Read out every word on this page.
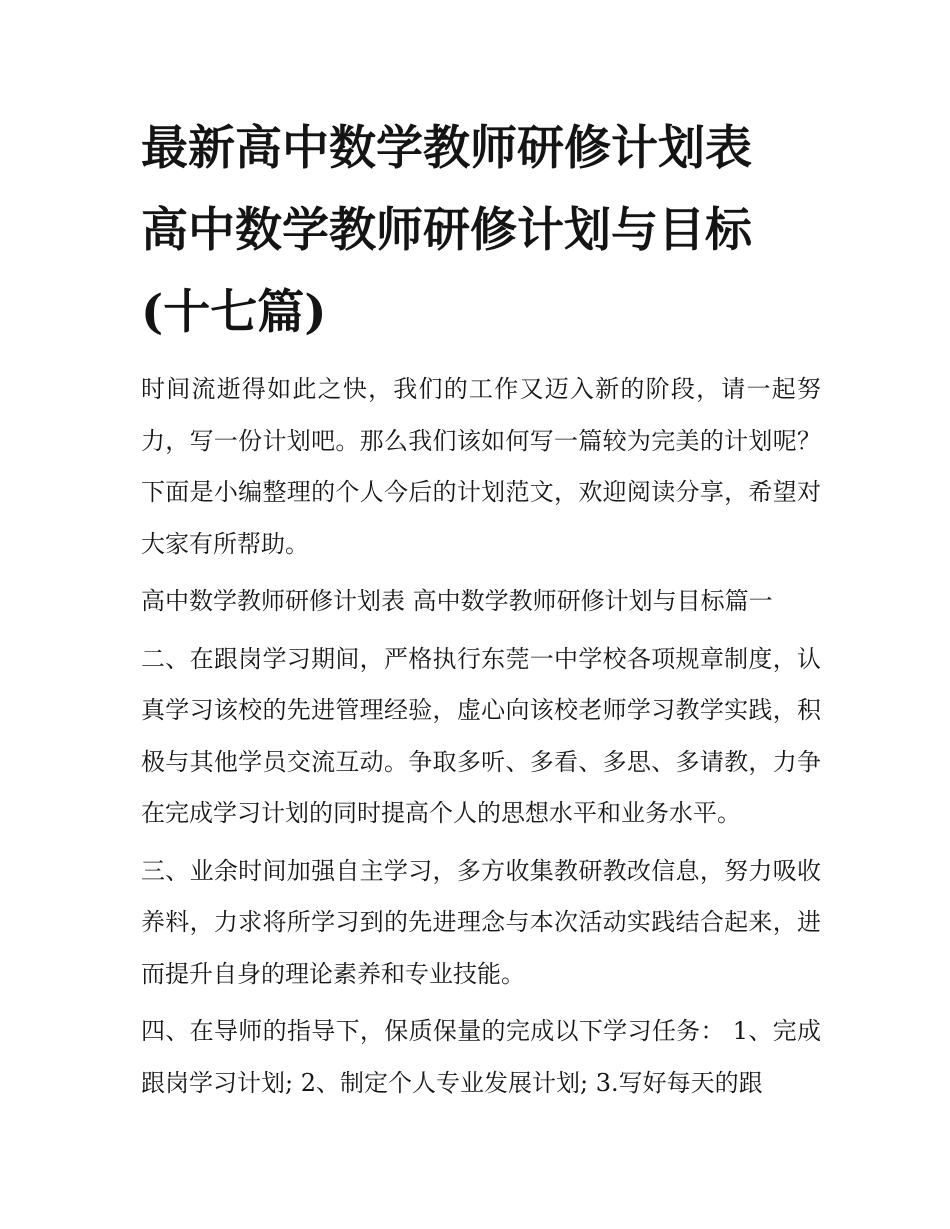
最新高中数学教师研修计划表
高中数学教师研修计划与目标
(十七篇)

时间流逝得如此之快，我们的工作又迈入新的阶段，请一起努力，写一份计划吧。那么我们该如何写一篇较为完美的计划呢？下面是小编整理的个人今后的计划范文，欢迎阅读分享，希望对大家有所帮助。

高中数学教师研修计划表 高中数学教师研修计划与目标篇一

二、在跟岗学习期间，严格执行东莞一中学校各项规章制度，认真学习该校的先进管理经验，虚心向该校老师学习教学实践，积极与其他学员交流互动。争取多听、多看、多思、多请教，力争在完成学习计划的同时提高个人的思想水平和业务水平。

三、业余时间加强自主学习，多方收集教研教改信息，努力吸收养料，力求将所学习到的先进理念与本次活动实践结合起来，进而提升自身的理论素养和专业技能。

四、在导师的指导下，保质保量的完成以下学习任务： 1、完成跟岗学习计划; 2、制定个人专业发展计划; 3.写好每天的跟
